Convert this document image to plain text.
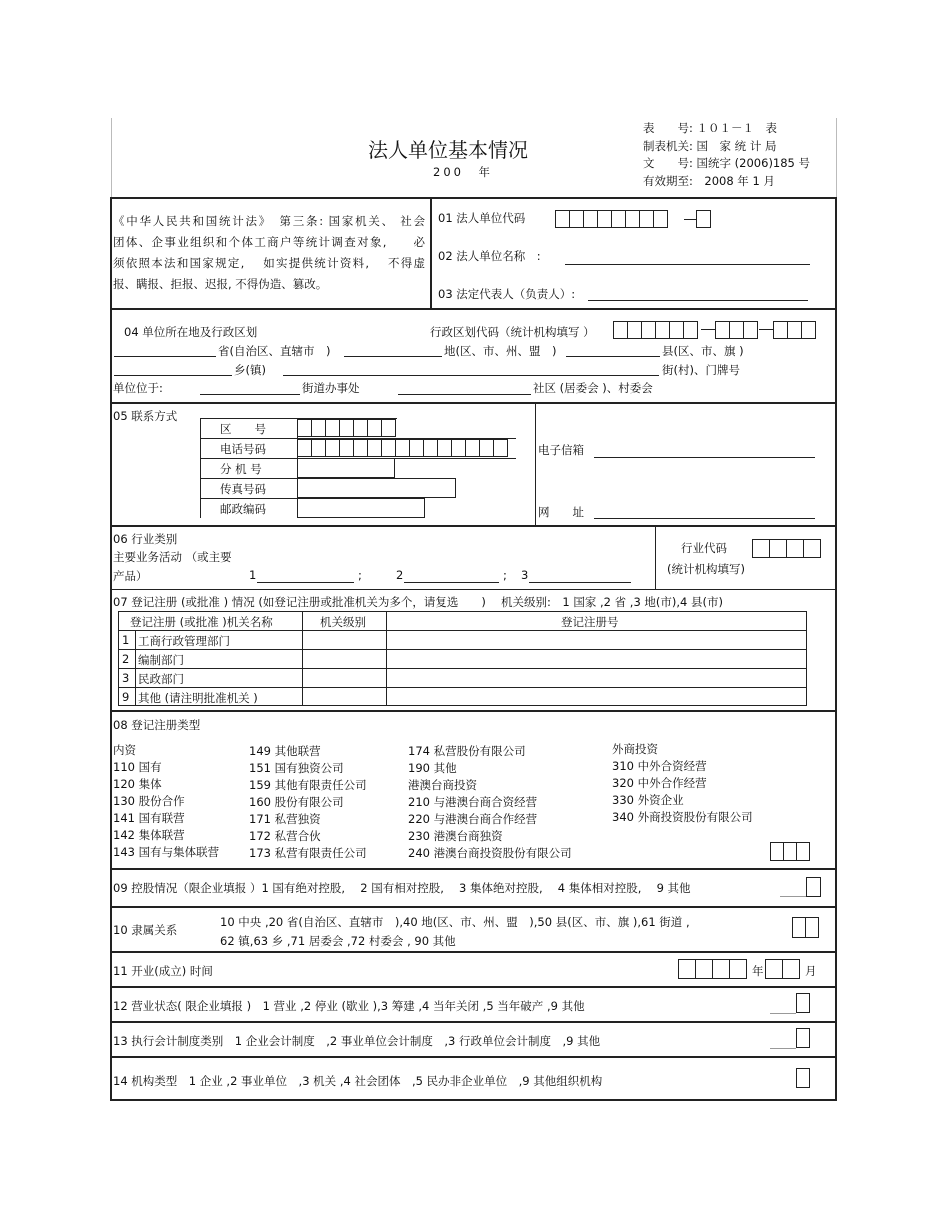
法人单位基本情况
200　年
表　　号: １０１－１　表
制表机关: 国　家 统 计 局
文　　号: 国统字 (2006)185 号
有效期至:　2008 年 1 月
《中华人民共和国统计法》　第三条: 国家机关、 社会
团体、企事业组织和个体工商户等统计调查对象,　　必
须依照本法和国家规定,　 如实提供统计资料,　 不得虚
报、瞒报、拒报、迟报, 不得伪造、篡改。
01 法人单位代码
02 法人单位名称　:
03 法定代表人（负责人）:
04 单位所在地及行政区划	行政区划代码（统计机构填写 ）
省(自治区、直辖市　)	地(区、市、州、盟　)	县(区、市、旗 )
乡(镇)	街(村)、门牌号
单位位于:	街道办事处	社区 (居委会 )、村委会
05 联系方式
区　　号
电话号码
分 机 号
传真号码
邮政编码
电子信箱
网　　址
06 行业类别
主要业务活动 （或主要
产品）	1	;	2	; 3
行业代码
(统计机构填写)
07 登记注册 (或批准 ) 情况 (如登记注册或批准机关为多个，请复选　　)　 机关级别:　1 国家 ,2 省 ,3 地(市),4 县(市)
登记注册 (或批准 )机关名称	机关级别	登记注册号
1 工商行政管理部门
2 编制部门
3 民政部门
9 其他 (请注明批准机关 )
08 登记注册类型
内资
110 国有
120 集体
130 股份合作
141 国有联营
142 集体联营
143 国有与集体联营
149 其他联营
151 国有独资公司
159 其他有限责任公司
160 股份有限公司
171 私营独资
172 私营合伙
173 私营有限责任公司
174 私营股份有限公司
190 其他
港澳台商投资
210 与港澳台商合资经营
220 与港澳台商合作经营
230 港澳台商独资
240 港澳台商投资股份有限公司
外商投资
310 中外合资经营
320 中外合作经营
330 外资企业
340 外商投资股份有限公司
09 控股情况（限企业填报 ）1 国有绝对控股,　 2 国有相对控股,　 3 集体绝对控股,　 4 集体相对控股,　 9 其他
10 隶属关系
10 中央 ,20 省(自治区、直辖市　),40 地(区、市、州、盟　),50 县(区、市、旗 ),61 街道 ,
62 镇,63 乡 ,71 居委会 ,72 村委会 , 90 其他
11 开业(成立) 时间	年	月
12 营业状态( 限企业填报 )　1 营业 ,2 停业 (歇业 ),3 筹建 ,4 当年关闭 ,5 当年破产 ,9 其他
13 执行会计制度类别　1 企业会计制度　,2 事业单位会计制度　,3 行政单位会计制度　,9 其他
14 机构类型　1 企业 ,2 事业单位　,3 机关 ,4 社会团体　,5 民办非企业单位　,9 其他组织机构
